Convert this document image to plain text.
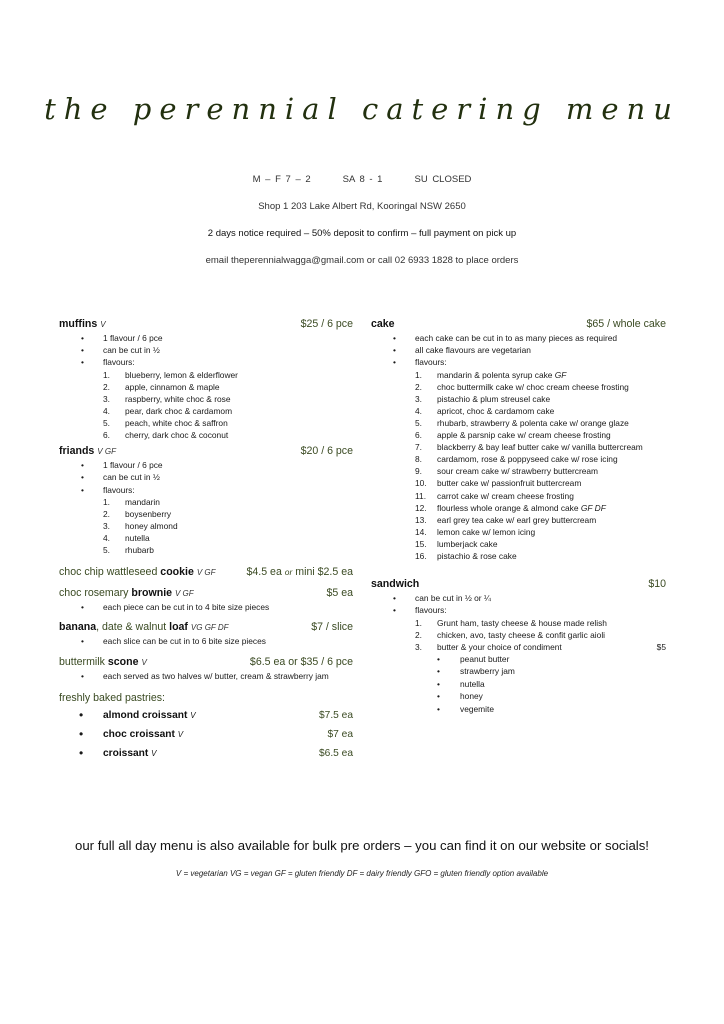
the perennial catering menu
M – F 7 – 2	SA 8 - 1	SU CLOSED
Shop 1 203 Lake Albert Rd, Kooringal NSW 2650
2 days notice required – 50% deposit to confirm – full payment on pick up
email theperennialwagga@gmail.com or call 02 6933 1828 to place orders
muffins V	$25 / 6 pce
• 1 flavour / 6 pce
• can be cut in ½
• flavours:
1. blueberry, lemon & elderflower
2. apple, cinnamon & maple
3. raspberry, white choc & rose
4. pear, dark choc & cardamom
5. peach, white choc & saffron
6. cherry, dark choc & coconut
friands V GF	$20 / 6 pce
• 1 flavour / 6 pce
• can be cut in ½
• flavours:
1. mandarin
2. boysenberry
3. honey almond
4. nutella
5. rhubarb
choc chip wattleseed cookie V GF	$4.5 ea or mini $2.5 ea
choc rosemary brownie V GF	$5 ea
• each piece can be cut in to 4 bite size pieces
banana, date & walnut loaf VG GF DF	$7 / slice
• each slice can be cut in to 6 bite size pieces
buttermilk scone V	$6.5 ea or $35 / 6 pce
• each served as two halves w/ butter, cream & strawberry jam
freshly baked pastries:
• almond croissant V	$7.5 ea
• choc croissant V	$7 ea
• croissant V	$6.5 ea
cake	$65 / whole cake
• each cake can be cut in to as many pieces as required
• all cake flavours are vegetarian
• flavours:
1. mandarin & polenta syrup cake GF
2. choc buttermilk cake w/ choc cream cheese frosting
3. pistachio & plum streusel cake
4. apricot, choc & cardamom cake
5. rhubarb, strawberry & polenta cake w/ orange glaze
6. apple & parsnip cake w/ cream cheese frosting
7. blackberry & bay leaf butter cake w/ vanilla buttercream
8. cardamom, rose & poppyseed cake w/ rose icing
9. sour cream cake w/ strawberry buttercream
10. butter cake w/ passionfruit buttercream
11. carrot cake w/ cream cheese frosting
12. flourless whole orange & almond cake GF DF
13. earl grey tea cake w/ earl grey buttercream
14. lemon cake w/ lemon icing
15. lumberjack cake
16. pistachio & rose cake
sandwich	$10
• can be cut in ½ or ¼
• flavours:
1. Grunt ham, tasty cheese & house made relish
2. chicken, avo, tasty cheese & confit garlic aioli
3. butter & your choice of condiment	$5
• peanut butter
• strawberry jam
• nutella
• honey
• vegemite
our full all day menu is also available for bulk pre orders – you can find it on our website or socials!
V = vegetarian VG = vegan GF = gluten friendly DF = dairy friendly GFO = gluten friendly option available
